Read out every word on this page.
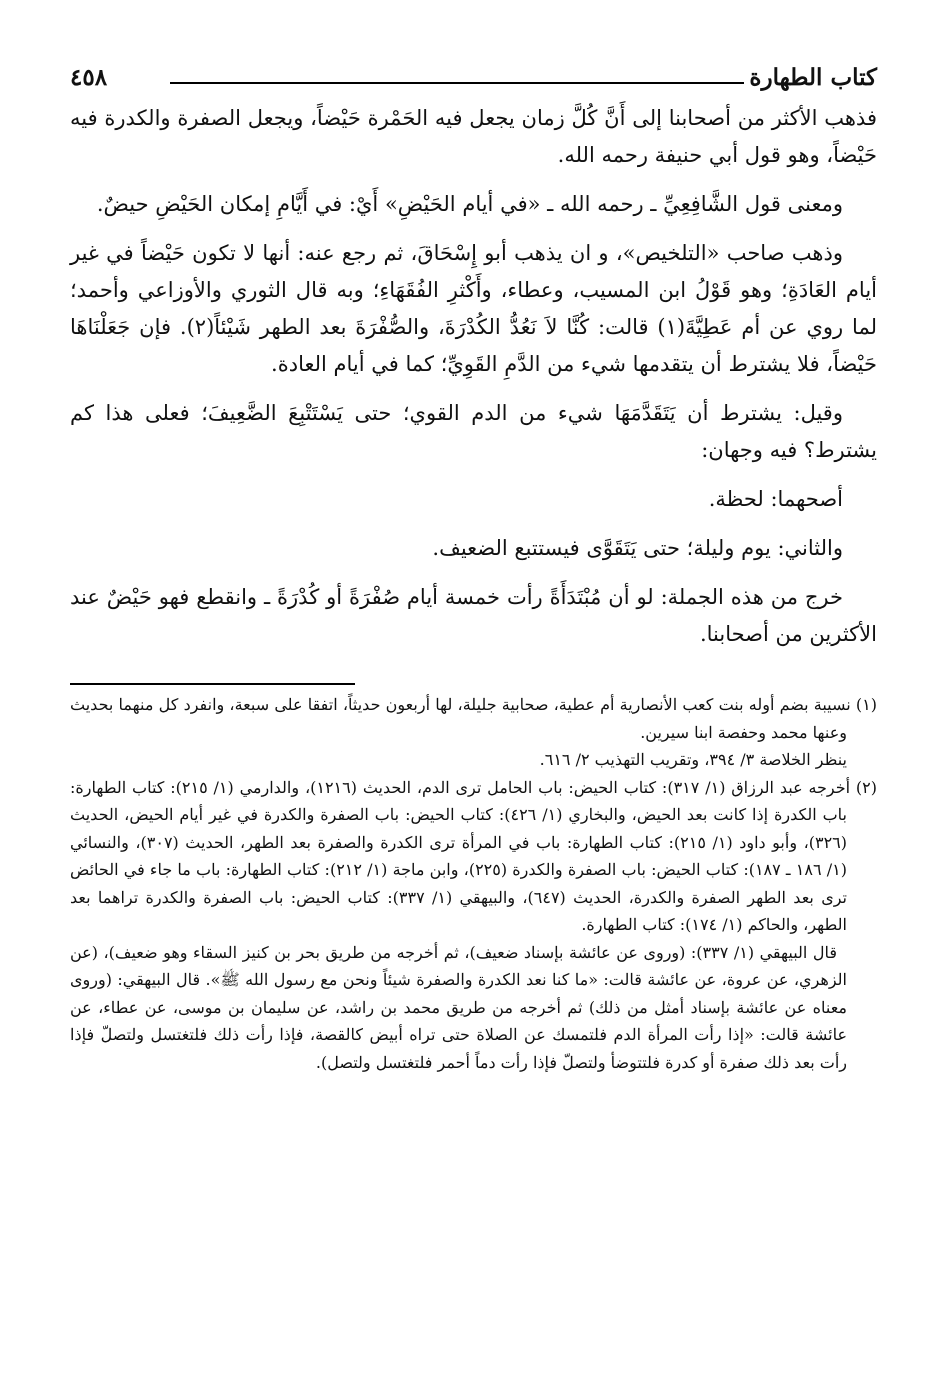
كتاب الطهارة
٤٥٨

فذهب الأكثر من أصحابنا إلى أَنَّ كُلَّ زمان يجعل فيه الحَمْرة حَيْضاً، ويجعل الصفرة والكدرة فيه حَيْضاً، وهو قول أبي حنيفة رحمه الله.

ومعنى قول الشَّافِعِيِّ ـ رحمه الله ـ «في أيام الحَيْضِ» أَيْ: في أَيَّامِ إمكان الحَيْضِ حيضٌ.

وذهب صاحب «التلخيص»، و ان يذهب أبو إِسْحَاقَ، ثم رجع عنه: أنها لا تكون حَيْضاً في غير أيام العَادَةِ؛ وهو قَوْلُ ابن المسيب، وعطاء، وأَكْثرِ الفُقَهَاءِ؛ وبه قال الثوري والأوزاعي وأحمد؛ لما روي عن أم عَطِيَّةَ(١) قالت: كُنَّا لاَ نَعُدُّ الكُدْرَةَ، والصُّفْرَةَ بعد الطهر شَيْئاً(٢). فإن جَعَلْنَاهَا حَيْضاً، فلا يشترط أن يتقدمها شيء من الدَّمِ القَوِيِّ؛ كما في أيام العادة.

وقيل: يشترط أن يَتَقَدَّمَهَا شيء من الدم القوي؛ حتى يَسْتَتْبِعَ الضَّعِيفَ؛ فعلى هذا كم يشترط؟ فيه وجهان:

أصحهما: لحظة.

والثاني: يوم وليلة؛ حتى يَتَقَوَّى فيستتبع الضعيف.

خرج من هذه الجملة: لو أن مُبْتَدَأَةً رأت خمسة أيام صُفْرَةً أو كُدْرَةً ـ وانقطع فهو حَيْضٌ عند الأكثرين من أصحابنا.

(١) نسيبة بضم أوله بنت كعب الأنصارية أم عطية، صحابية جليلة، لها أربعون حديثاً، اتفقا على سبعة، وانفرد كل منهما بحديث وعنها محمد وحفصة ابنا سيرين.

ينظر الخلاصة ٣/ ٣٩٤، وتقريب التهذيب ٢/ ٦١٦.

(٢) أخرجه عبد الرزاق (١/ ٣١٧): كتاب الحيض: باب الحامل ترى الدم، الحديث (١٢١٦)، والدارمي (١/ ٢١٥): كتاب الطهارة: باب الكدرة إذا كانت بعد الحيض، والبخاري (١/ ٤٢٦): كتاب الحيض: باب الصفرة والكدرة في غير أيام الحيض، الحديث (٣٢٦)، وأبو داود (١/ ٢١٥): كتاب الطهارة: باب في المرأة ترى الكدرة والصفرة بعد الطهر، الحديث (٣٠٧)، والنسائي (١/ ١٨٦ ـ ١٨٧): كتاب الحيض: باب الصفرة والكدرة (٢٢٥)، وابن ماجة (١/ ٢١٢): كتاب الطهارة: باب ما جاء في الحائض ترى بعد الطهر الصفرة والكدرة، الحديث (٦٤٧)، والبيهقي (١/ ٣٣٧): كتاب الحيض: باب الصفرة والكدرة تراهما بعد الطهر، والحاكم (١/ ١٧٤): كتاب الطهارة.

قال البيهقي (١/ ٣٣٧): (وروى عن عائشة بإسناد ضعيف)، ثم أخرجه من طريق بحر بن كنيز السقاء وهو ضعيف)، (عن الزهري، عن عروة، عن عائشة قالت: «ما كنا نعد الكدرة والصفرة شيئاً ونحن مع رسول الله ﷺ». قال البيهقي: (وروى معناه عن عائشة بإسناد أمثل من ذلك) ثم أخرجه من طريق محمد بن راشد، عن سليمان بن موسى، عن عطاء، عن عائشة قالت: «إذا رأت المرأة الدم فلتمسك عن الصلاة حتى تراه أبيض كالقصة، فإذا رأت ذلك فلتغتسل ولتصلّ فإذا رأت بعد ذلك صفرة أو كدرة فلتتوضأ ولتصلّ فإذا رأت دماً أحمر فلتغتسل ولتصل).
